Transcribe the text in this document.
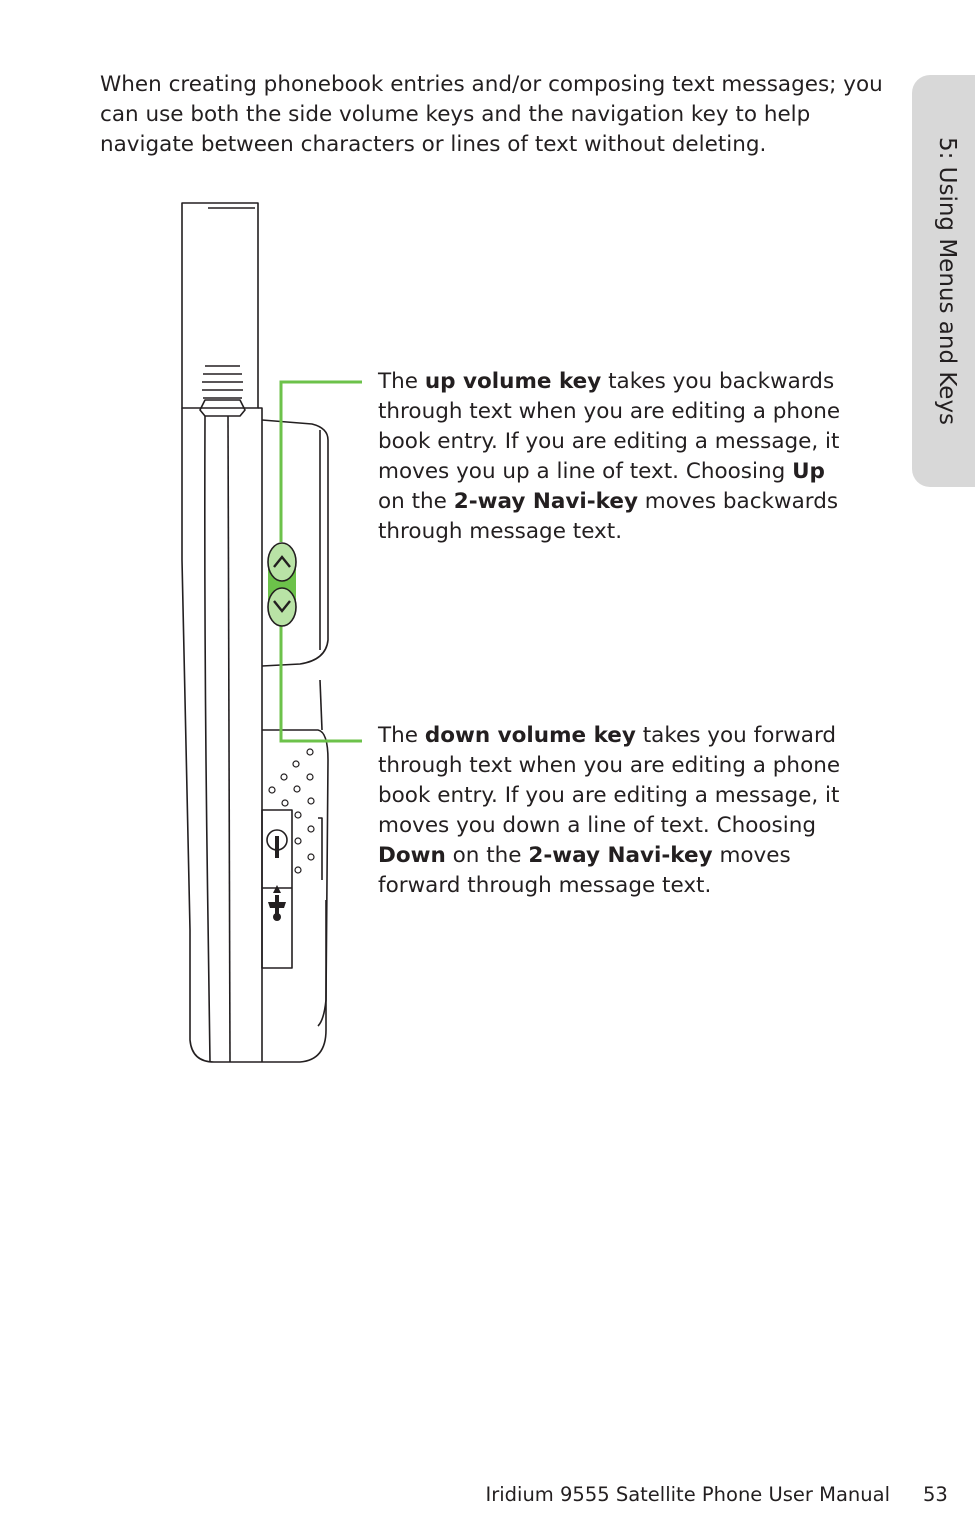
5: Using Menus and Keys

When creating phonebook entries and/or composing text messages; you can use both the side volume keys and the navigation key to help navigate between characters or lines of text without deleting.

The up volume key takes you backwards through text when you are editing a phone book entry. If you are editing a message, it moves you up a line of text. Choosing Up on the 2-way Navi-key moves backwards through message text.

The down volume key takes you forward through text when you are editing a phone book entry. If you are editing a message, it moves you down a line of text. Choosing Down on the 2-way Navi-key moves forward through message text.

Iridium 9555 Satellite Phone User Manual 53
